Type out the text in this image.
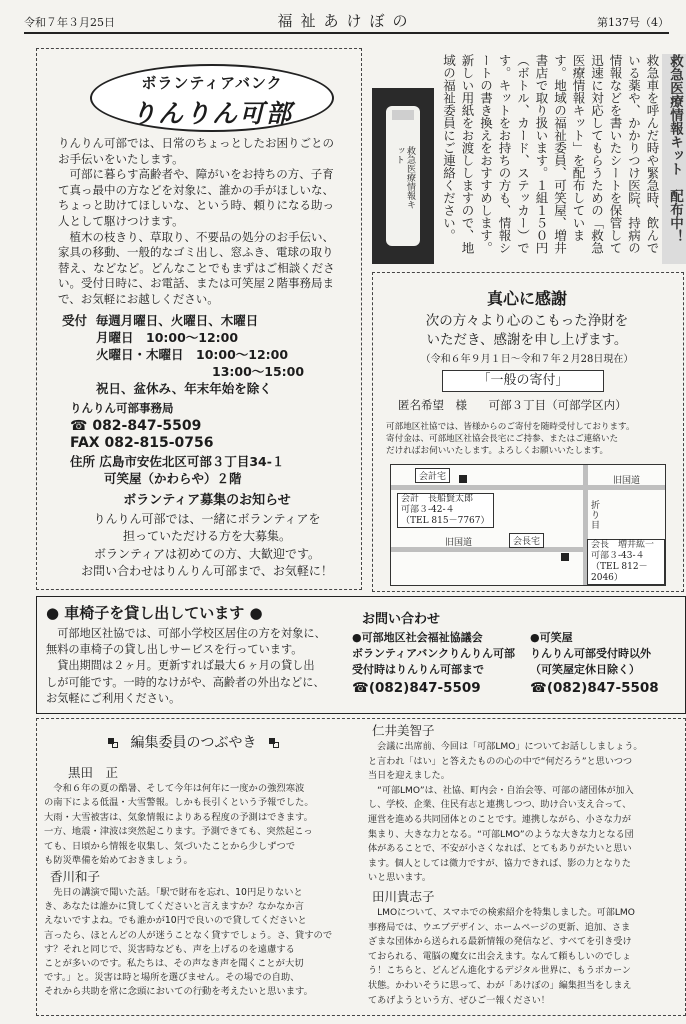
令和７年３月25日	福祉あけぼの	第137号（4）
ボランティアバンク
りんりん可部

りんりん可部では、日常のちょっとしたお困りごとの

お手伝いをいたします。

　可部に暮らす高齢者や、障がいをお持ちの方、子育

て真っ最中の方などを対象に、誰かの手がほしいな、

ちょっと助けてほしいな、という時、頼りになる助っ

人として駆けつけます。

　植木の枝きり、草取り、不要品の処分のお手伝い、

家具の移動、一般的なゴミ出し、窓ふき、電球の取り

替え、などなど。どんなことでもまずはご相談くださ

い。受付日時に、お電話、または可笑屋２階事務局ま

で、お気軽にお越しください。

受付 毎週月曜日、火曜日、木曜日
月曜日　10:00～12:00
火曜日・木曜日　10:00～12:00
13:00～15:00
祝日、盆休み、年末年始を除く
りんりん可部事務局
☎ 082-847-5509
FAX 082-815-0756
住所 広島市安佐北区可部３丁目34-１
可笑屋（かわらや）２階
ボランティア募集のお知らせ
りんりん可部では、一緒にボランティアを
担っていただける方を大募集。
ボランティアは初めての方、大歓迎です。
お問い合わせはりんりん可部まで、お気軽に！
救急車を呼んだ時や緊急時、飲んでいる薬や、かかりつけ医院、持病の情報などを書いたシートを保管して迅速に対応してもらうための「救急医療情報キット」を配布しています。地域の福祉委員、可笑屋、増井書店で取り扱います。１組１５０円（ボトル、カード、ステッカー）です。キットをお持ちの方も、情報シートの書き換えをおすすめします。新しい用紙をお渡ししますので、地域の福祉委員にご連絡ください。	救急医療情報キット　配布中！
救急医療情報キット
真心に感謝
次の方々より心のこもった浄財を
いただき、感謝を申し上げます。
（令和６年９月１日～令和７年２月28日現在）
「一般の寄付」
匿名希望　様 可部３丁目（可部学区内）
可部地区社協では、皆様からのご寄付を随時受付しております。
寄付金は、可部地区社協会長宅にご持参、またはご連絡いた
だければお伺いいたします。よろしくお願いいたします。
会計宅	旧国道
会計　長船賢太郎
可部３-42-４
（TEL 815－7767）
折り目
旧国道	会長宅	会長　増井紘一
可部３-43-４
（TEL 812－2046）
● 車椅子を貸し出しています ●

　可部地区社協では、可部小学校区居住の方を対象に、

無料の車椅子の貸し出しサービスを行っています。

　貸出期間は２ヶ月。更新すれば最大６ヶ月の貸し出

しが可能です。一時的なけがや、高齢者の外出などに、

お気軽にご利用ください。

お問い合わせ
●可部地区社会福祉協議会
ボランティアバンクりんりん可部
受付時はりんりん可部まで
☎(082)847-5509
●可笑屋
りんりん可部受付時以外
（可笑屋定休日除く）
☎(082)847-5508
編集委員のつぶやき
黒田　正

　令和６年の夏の酷暑、そして今年は何年に一度かの強烈寒波

の南下による低温・大雪警報。しかも長引くという予報でした。

大雨・大雪被害は、気象情報によりある程度の予測はできます。

一方、地震・津波は突然起こります。予測できても、突然起こっ

ても、日頃から情報を収集し、気づいたことから少しずつで

も防災準備を始めておきましょう。

香川和子

　先日の講演で聞いた話。「駅で財布を忘れ、10円足りないと

き、あなたは誰かに貸してくださいと言えますか？なかなか言

えないですよね。でも誰かが10円で良いので貸してくださいと

言ったら、ほとんどの人が迷うことなく貸すでしょう。さ、貸すので

す？それと同じで、災害時なども、声を上げるのを遠慮する

ことが多いのです。私たちは、その声なき声を聞くことが大切

です。」と。災害は時と場所を選びません。その場での自助、

それから共助を常に念頭においての行動を考えたいと思います。

仁井美智子

　会議に出席前、今回は「可部LMO」についてお話ししましょう。

と言われ「はい」と答えたものの心の中で“何だろう”と思いつつ

当日を迎えました。

　“可部LMO”は、社協、町内会・自治会等、可部の諸団体が加入

し、学校、企業、住民有志と連携しつつ、助け合い支え合って、

運営を進める共同団体とのことです。連携しながら、小さな力が

集まり、大きな力となる。“可部LMO”のような大きな力となる団

体があることで、不安が小さくなれば、とてもありがたいと思い

ます。個人としては微力ですが、協力できれば、影の力となりた

いと思います。

田川貴志子

　LMOについて、スマホでの検索紹介を特集しました。可部LMO

事務局では、ウエブデザイン、ホームページの更新、追加、さま

ざまな団体から送られる最新情報の発信など、すべてを引き受け

ておられる、電脳の魔女に出会えます。なんて頼もしいのでしょ

う！こちらと、どんどん進化するデジタル世界に、もうボカーン

状態。かわいそうに思って、わが「あけぼの」編集担当をしまえ

てあげようという方、ぜひご一報ください！
